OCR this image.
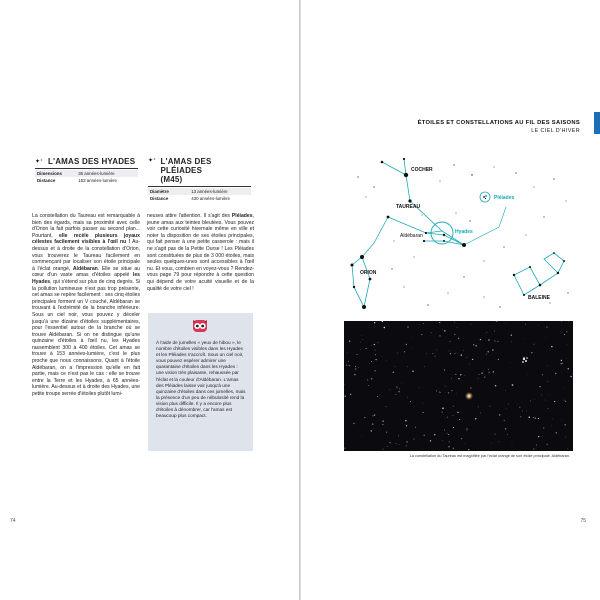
✦⁺ L'AMAS DES HYADES
Dimensions	35 années-lumière
Distance	153 années-lumière
✦⁺ L'AMAS DES PLÉIADES
(M45)
Diamètre	13 années-lumière
Distance	430 années-lumière
La constellation du Taureau est remarquable à bien des égards, mais sa proximité avec celle d'Orion la fait parfois passer au second plan... Pourtant, elle recèle plusieurs joyaux célestes facilement visibles à l'œil nu ! Au-dessus et à droite de la constellation d'Orion, vous trouverez le Taureau facilement en commençant par localiser son étoile principale à l'éclat orangé, Aldébaran. Elle se situe au cœur d'un vaste amas d'étoiles appelé les Hyades, qui s'étend sur plus de cinq degrés. Si la pollution lumineuse n'est pas trop présente, cet amas se repère facilement : ses cinq étoiles principales forment un V couché, Aldébaran se trouvant à l'extrémité de la branche inférieure. Sous un ciel noir, vous pouvez y déceler jusqu'à une dizaine d'étoiles supplémentaires, pour l'essentiel autour de la branche où se trouve Aldébaran. Si on ne distingue qu'une quinzaine d'étoiles à l'œil nu, les Hyades rassemblent 300 à 400 étoiles. Cet amas se trouve à 153 années-lumière, c'est le plus proche que nous connaissons. Quant à l'étoile Aldébaran, on a l'impression qu'elle en fait partie, mais ce n'est pas le cas : elle se trouve entre la Terre et les Hyades, à 65 années-lumière. Au-dessus et à droite des Hyades, une petite troupe serrée d'étoiles plutôt lumi-
neuses attire l'attention. Il s'agit des Pléiades, jeune amas aux teintes bleutées. Vous pouvez voir cette curiosité hivernale même en ville et noter la disposition de ses étoiles principales, qui fait penser à une petite casserole : mais il ne s'agit pas de la Petite Ourse ! Les Pléiades sont constituées de plus de 3 000 étoiles, mais seules quelques-unes sont accessibles à l'œil nu. Et vous, combien en voyez-vous ? Rendez-vous page 79 pour répondre à cette question qui dépend de votre acuité visuelle et de la qualité de votre ciel !
À l'aide de jumelles « yeux de hibou », le nombre d'étoiles visibles dans les Hyades et les Pléiades s'accroît. Sous un ciel noir, vous pouvez espérer admirer une quarantaine d'étoiles dans les Hyades : une vision très plaisante, rehaussée par l'éclat et la couleur d'Aldébaran. L'amas des Pléiades laisse voir jusqu'à une quinzaine d'étoiles dans ces jumelles, mais la présence d'un peu de nébulosité rend la vision plus difficile. Il y a encore plus d'étoiles à dénombrer, car l'amas est beaucoup plus compact.
74
ÉTOILES ET CONSTELLATIONS AU FIL DES SAISONS
LE CIEL D'HIVER
COCHER
Pléiades
TAUREAU
Hyades
Aldébaran
ORION
BALEINE
La constellation du Taureau est magnifiée par l'éclat orangé de son étoile principale, Aldébaran.
75
